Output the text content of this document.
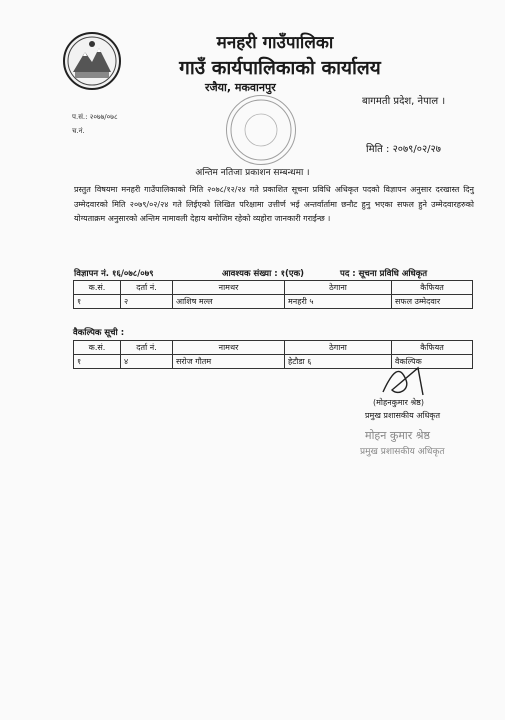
मनहरी गाउँपालिका
गाउँ कार्यपालिकाको कार्यालय
रजैया, मकवानपुर
बागमती प्रदेश, नेपाल ।
प.सं.: २०७७/०७८
च.नं.
मिति : २०७९/०२/२७
अन्तिम नतिजा प्रकाशन सम्बन्धमा ।
प्रस्तुत विषयमा मनहरी गाउँपालिकाको मिति २०७८/१२/२४ गते प्रकाशित सूचना प्रविधि अधिकृत पदको विज्ञापन अनुसार दरखास्त दिनु उम्मेदवारको मिति २०७९/०२/२४ गते लिईएको लिखित परिक्षामा उत्तीर्ण भई अन्तर्वार्तामा छनौट हुनु भएका सफल हुने उम्मेदवारहरुको योग्यताक्रम अनुसारको अन्तिम नामावली देहाय बमोजिम रहेको व्यहोरा जानकारी गराईन्छ ।
विज्ञापन नं. १६/०७८/०७९	आवश्यक संख्या : १(एक)	पद : सूचना प्रविधि अधिकृत
क.सं.	दर्ता नं.	नामथर	ठेगाना	कैफियत
१	२	आशिष मल्ल	मनहरी ५	सफल उम्मेदवार
वैकल्पिक सूची :
क.सं.	दर्ता नं.	नामथर	ठेगाना	कैफियत
१	४	सरोज गौतम	हेटौडा ६	वैकल्पिक
(मोहनकुमार श्रेष्ठ)
प्रमुख प्रशासकीय अधिकृत
मोहन कुमार श्रेष्ठ
प्रमुख प्रशासकीय अधिकृत
